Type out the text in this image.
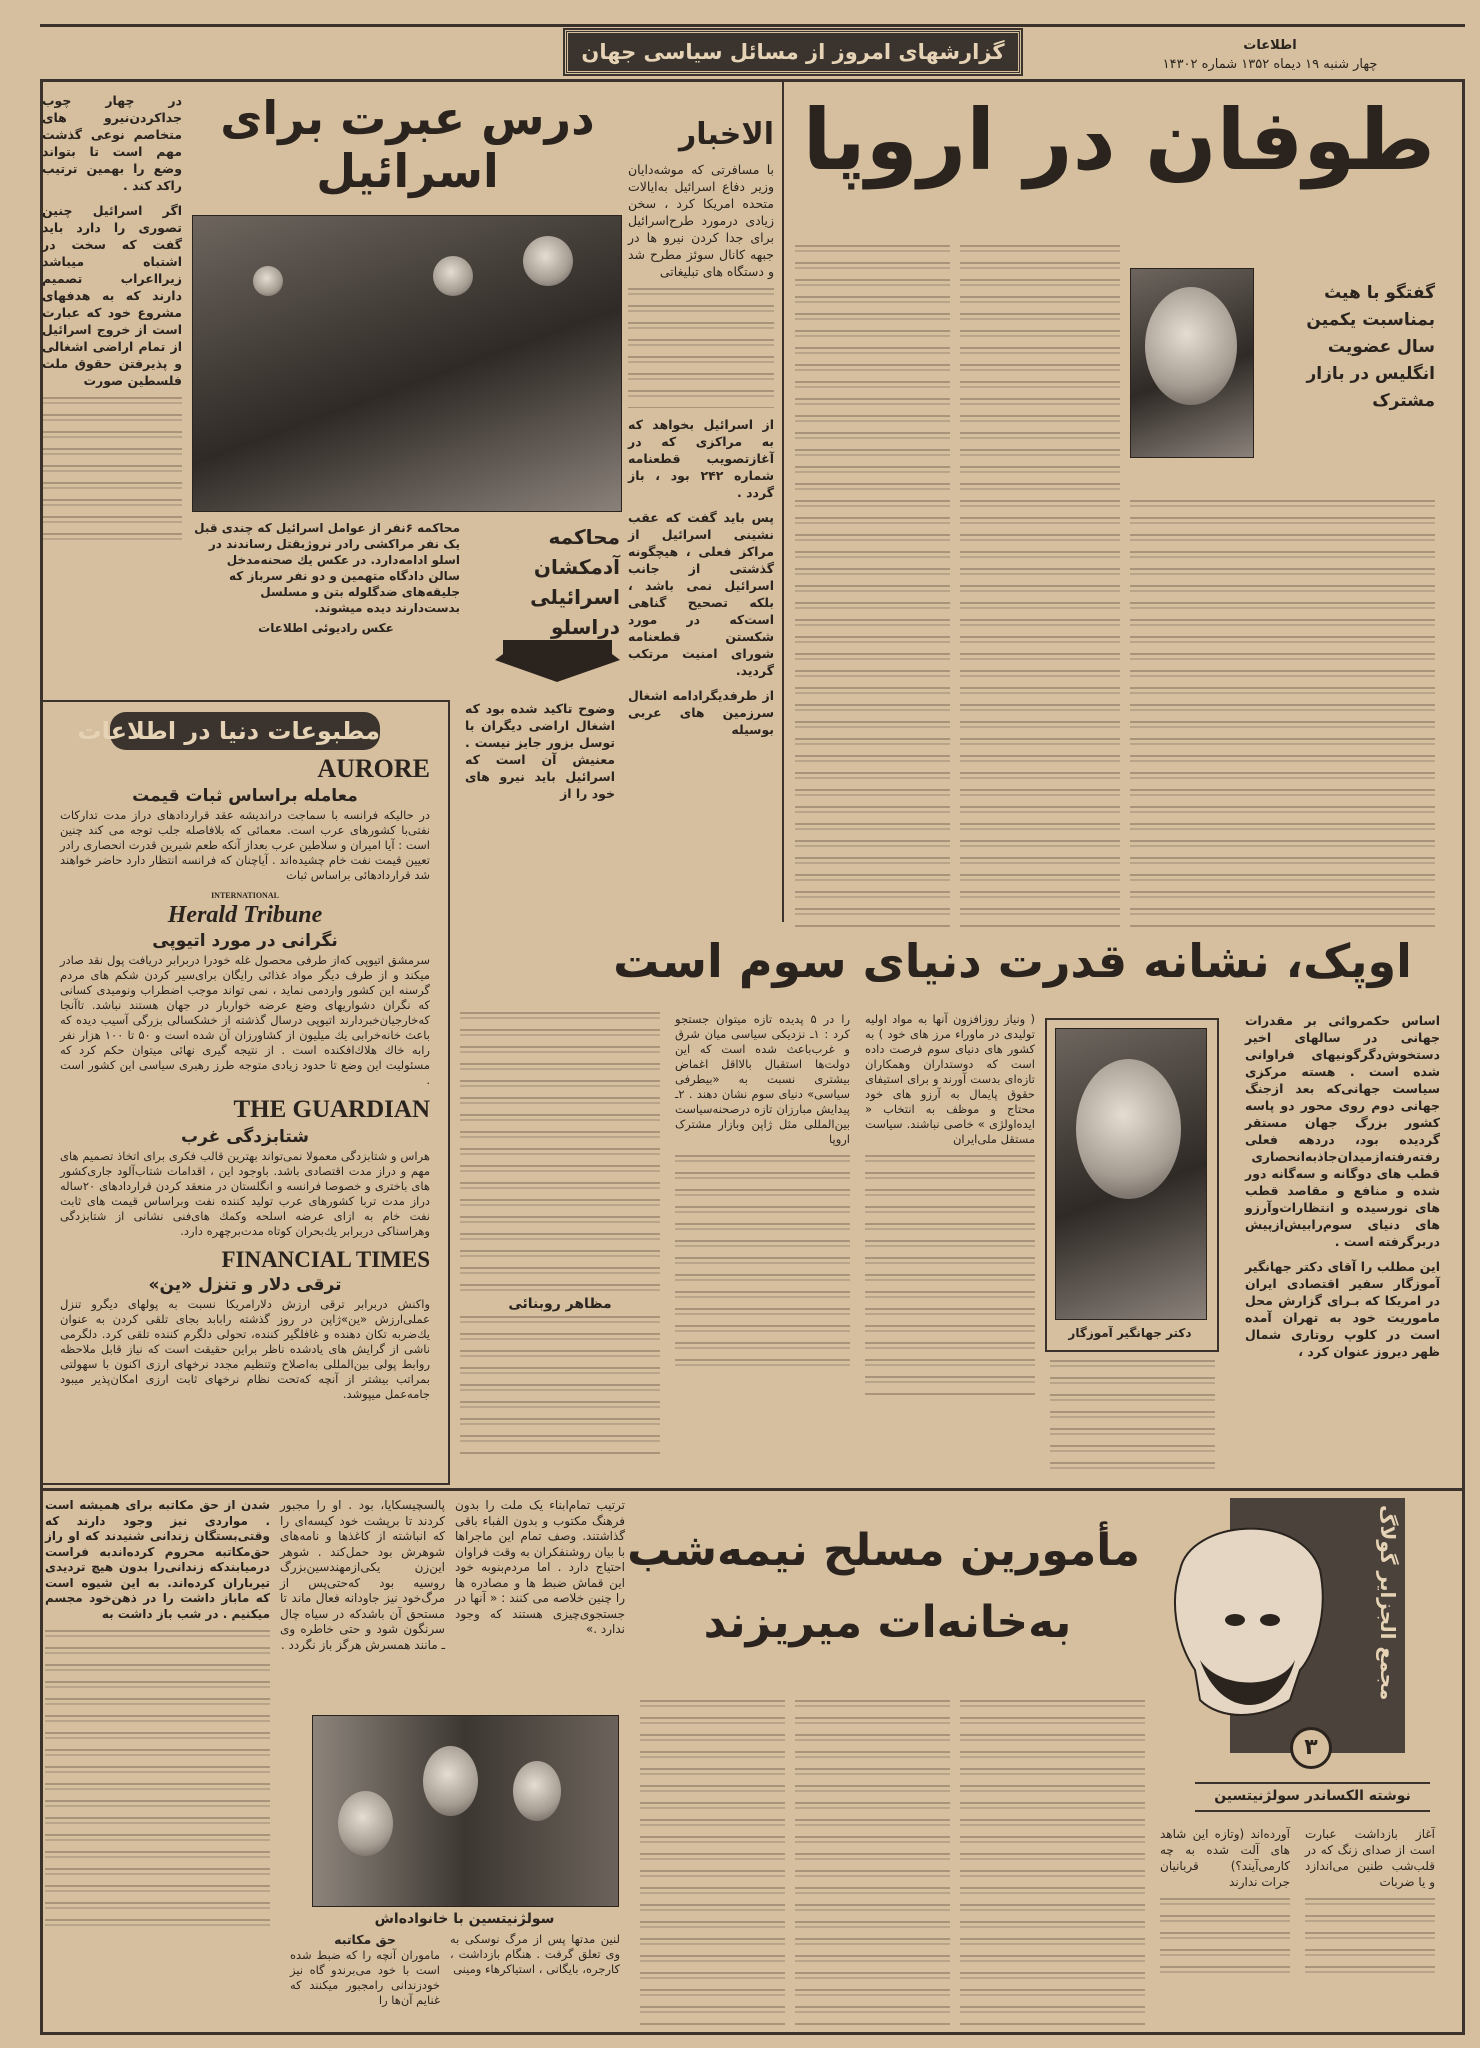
گزارشهای امروز از مسائل سیاسی جهان	اطلاعات
چهار شنبه ۱۹ دیماه ۱۳۵۲ شماره ۱۴۳۰۲
طوفان در اروپا
گفتگو با هیث بمناسبت یکمین سال عضویت انگلیس در بازار مشترک
الاخبار

با مسافرتی که موشه‌دایان وزیر دفاع اسرائیل به‌ایالات متحده امریکا کرد ، سخن زیادی درمورد طرح‌اسرائیل برای جدا کردن نیرو ها در جبهه کانال سوئز مطرح شد و دستگاه های تبلیغاتی

از اسرائیل بخواهد که به مراکزی که در آغازتصویب قطعنامه شماره ۲۴۲ بود ، باز گردد .

پس باید گفت که عقب نشینی اسرائیل از مراکز فعلی ، هیچگونه گذشتی از جانب اسرائیل نمی باشد ، بلکه تصحیح گناهی است‌که در مورد شکستن قطعنامه شورای امنیت مرتکب گردید.

از طرفدیگرادامه اشغال سرزمین های عربی بوسیله

درس عبرت برای
اسرائیل

در چهار چوب جداکردن‌نیرو های متخاصم نوعی گذشت مهم است تا بتواند وضع را بهمین ترتیب راکد کند .

اگر اسرائیل چنین تصوری را دارد باید گفت که سخت در اشتباه میباشد زیرااعراب تصمیم دارند که به هدفهای مشروع خود که عبارت است از خروج اسرائیل از تمام اراضی اشغالی و پذیرفتن حقوق ملت فلسطین صورت

محاکمه ۶نفر از عوامل اسرائیل که چندی قبل یک نفر مراکشی رادر نروژبقتل رساندند در اسلو ادامه‌دارد. در عکس یك صحنه‌مدخل سالن دادگاه متهمین و دو نفر سرباز که جلیقه‌های ضدگلوله بتن و مسلسل بدست‌دارند دیده میشوند.
عکس رادیوئی اطلاعات
محاکمه آدمکشان اسرائیلی دراسلو

وضوح تاکید شده بود که اشغال اراضی دیگران با توسل بزور جایز نیست . معنیش آن است که اسرائیل باید نیرو های خود را از

مطبوعات دنیا در اطلاعات
AURORE
معامله براساس ثبات قیمت

در حالیکه فرانسه با سماجت دراندیشه عقد قراردادهای دراز مدت تدارکات نفتی‌با کشورهای عرب است. معمائی که بلافاصله جلب توجه می کند چنین است : آیا امیران و سلاطین عرب بعداز آنکه طعم شیرین قدرت انحصاری رادر تعیین قیمت نفت خام چشیده‌اند . آیاچنان که فرانسه انتظار دارد حاضر خواهند شد قراردادهائی براساس ثبات

INTERNATIONAL
Herald Tribune
نگرانی در مورد اتیوپی

سرمشق اتیوپی که‌از طرفی محصول غله خودرا دربرابر دریافت پول نقد صادر میکند و از طرف دیگر مواد غذائی رایگان برای‌سیر کردن شکم های مردم گرسنه این کشور واردمی نماید ، نمی تواند موجب اضطراب ونومیدی کسانی که نگران دشواریهای وضع عرضه خواربار در جهان هستند نباشد. تاآنجا که‌خارجیان‌خبردارند اتیوپی درسال گذشته از خشکسالی بزرگی آسیب دیده که باعث خانه‌خرابی یك میلیون از کشاورزان آن شده است و ۵۰ تا ۱۰۰ هزار نفر رابه خاك هلاك‌افکنده است . از نتیجه گیری نهائی میتوان حکم کرد که مسئولیت این وضع تا حدود زیادی متوجه طرز رهبری سیاسی این کشور است .

THE GUARDIAN
شتابزدگی غرب

هراس و شتابزدگی معمولا نمی‌تواند بهترین قالب فکری برای اتخاذ تصمیم های مهم و دراز مدت اقتصادی باشد. باوجود این ، اقدامات شتاب‌آلود جاری‌کشور های باختری و خصوصا فرانسه و انگلستان در منعقد کردن قراردادهای ۲۰ساله دراز مدت تربا کشورهای عرب تولید کننده نفت وبراساس قیمت های ثابت نفت خام به ازای عرضه اسلحه وکمك های‌فنی نشانی از شتابزدگی وهراسناکی دربرابر یك‌بحران کوتاه مدت‌برچهره دارد.

FINANCIAL TIMES
ترقی دلار و تنزل «ین»

واکنش دربرابر ترقی ارزش دلارامریکا نسبت به پولهای دیگرو تنزل عملی‌ارزش «ین»ژاپن در روز گذشته رابابد بجای تلقی کردن به عنوان یك‌ضربه تکان دهنده و غافلگیر کننده، تحولی دلگرم کننده تلقی کرد. دلگرمی ناشی از گرایش های یادشده ناظر براین حقیقت است که نیاز قابل ملاحظه روابط پولی بین‌المللی به‌اصلاح وتنظیم مجدد نرخهای ارزی اکنون با سهولتی بمراتب بیشتر از آنچه که‌تحت نظام نرخهای ثابت ارزی امکان‌پذیر میبود جامه‌عمل میپوشد.

اوپک، نشانه قدرت دنیای سوم است
دکتر جهانگیر آموزگار

اساس حکمروائی بر مقدرات جهانی در سالهای اخیر دستخوش‌دگرگونیهای فراوانی شده است . هسته مرکزی سیاست جهانی‌که بعد ازجنگ جهانی دوم روی محور دو پاسه کشور بزرگ جهان مستقر گردیده بود، دردهه فعلی رفته‌رفته‌ازمیدان‌جاذبه‌انحصاری قطب های دوگانه و سه‌گانه دور شده و منافع و مقاصد قطب های نورسیده و انتظارات‌وآرزو های دنیای سوم‌رابیش‌ازپیش دربرگرفته است .

این مطلب را آقای دکتر جهانگیر آموزگار سفیر اقتصادی ایران در امریکا که بـرای گزارش محل ماموریت خود به تهران آمده است در کلوپ روتاری شمال ظهر دیروز عنوان کرد ،

( ونیاز روزافزون آنها به مواد اولیه تولیدی در ماوراء مرز های خود ) به کشور های دنیای سوم فرصت داده است که دوستداران وهمکاران تازه‌ای بدست آورند و برای استیفای حقوق پایمال به آرزو های خود محتاج و موظف به انتخاب « ایده‌اولژی » خاصی نباشند. سیاست مستقل ملی‌ایران

را در ۵ پدیده تازه میتوان جستجو کرد : ۱ـ نزدیکی سیاسی میان شرق و غرب‌باعث شده است که این دولت‌ها استقبال بالااقل اغماض بیشتری نسبت به «بیطرفی سیاسی» دنیای سوم نشان دهند . ۲ـ پیدایش مبارزان تازه درصحنه‌سیاست بین‌المللی مثل ژاپن وبازار مشترک اروپا

مظاهر روبنائی
مجمع الجزایر گولاگ
۳
نوشته الکساندر سولژنیتسین

آغاز بازداشت عبارت است از صدای زنگ که در قلب‌شب طنین می‌اندازد و یا ضربات

آورده‌اند (وتازه این شاهد های آلت شده به چه کارمی‌آیند؟) قربانیان جرات ندارند

مأمورین مسلح نیمه‌شب
به‌خانه‌ات میریزند

ترتیب تمام‌ابناء یک ملت را بدون فرهنگ مکتوب و بدون الفباء باقی گذاشتند. وصف تمام این ماجراها با بیان روشنفکران به وقت فراوان احتیاج دارد . اما مردم‌بنوبه خود این قماش ضبط ها و مصادره ها را چنین خلاصه می کنند : « آنها در جستجوی‌چیزی هستند که وجود ندارد .»

پالسچیسکایا، بود . او را مجبور کردند تا برپشت خود کیسه‌ای را که انباشته از کاغذها و نامه‌های شوهرش بود حمل‌کند . شوهر این‌زن یکی‌ازمهندسین‌بزرگ روسیه بود که‌حتی‌پس از مرگ‌خود نیز جاودانه فعال ماند تا مستحق آن باشدکه در سیاه چال سرنگون شود و حتی خاطره وی ـ مانند همسرش هرگز باز نگردد .

شدن از حق مکاتبه برای همیشه است . مواردی نیز وجود دارند که وقتی‌بستگان زندانی شنیدند که او راز حق‌مکاتبه محروم کرده‌اندبه فراست درمیابندکه زندانی‌را بدون هیچ تردیدی تیرباران کرده‌اند. به این شیوه است که ماباز داشت را در ذهن‌خود مجسم میکنیم . در شب باز داشت به

سولژنیتسین با خانواده‌اش
حق مکاتبه

ماموران آنچه را که ضبط شده است با خود می‌برندو گاه نیز خودزندانی رامجبور میکنند که غنایم آن‌ها را

لنین مدتها پس از مرگ نوسکی به وی تعلق گرفت . هنگام بازداشت ، کارجره، بایگانی ، استیاکرهاء ومینی‌
